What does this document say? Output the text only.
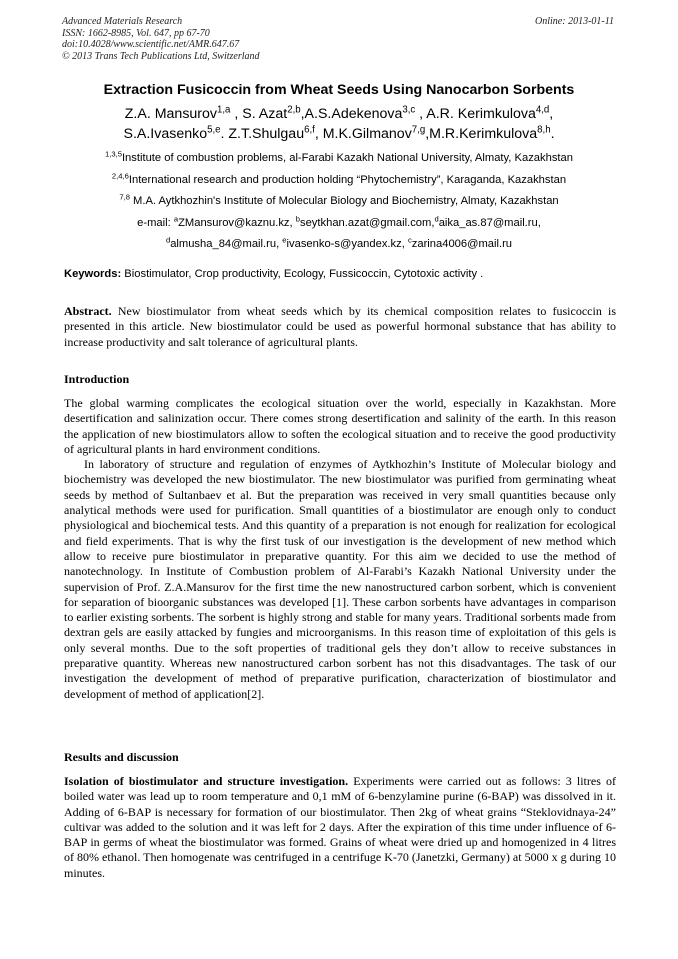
Advanced Materials Research
ISSN: 1662-8985, Vol. 647, pp 67-70
doi:10.4028/www.scientific.net/AMR.647.67
© 2013 Trans Tech Publications Ltd, Switzerland
Online: 2013-01-11
Extraction Fusicoccin from Wheat Seeds Using Nanocarbon Sorbents
Z.A. Mansurov$^{1,a}$ , S. Azat$^{2,b}$,A.S.Adekenova$^{3,c}$ , A.R. Kerimkulova$^{4,d}$,
S.A.Ivasenko$^{5,e}$. Z.T.Shulgau$^{6,f}$, M.K.Gilmanov$^{7,g}$,M.R.Kerimkulova$^{8,h}$.
$^{1,3,5}$Institute of combustion problems, al-Farabi Kazakh National University, Almaty, Kazakhstan
$^{2,4,6}$International research and production holding “Phytochemistry”, Karaganda, Kazakhstan
$^{7,8}$ M.A. Aytkhozhin's Institute of Molecular Biology and Biochemistry, Almaty, Kazakhstan
e-mail: $^a$ZMansurov@kaznu.kz, $^b$seytkhan.azat@gmail.com,$^d$aika_as.87@mail.ru,
$^d$almusha_84@mail.ru, $^e$ivasenko-s@yandex.kz, $^c$zarina4006@mail.ru
Keywords: Biostimulator, Crop productivity, Ecology, Fussicoccin, Cytotoxic activity .
Abstract. New biostimulator from wheat seeds which by its chemical composition relates to fusicoccin is presented in this article. New biostimulator could be used as powerful hormonal substance that has ability to increase productivity and salt tolerance of agricultural plants.
Introduction

The global warming complicates the ecological situation over the world, especially in Kazakhstan. More desertification and salinization occur. There comes strong desertification and salinity of the earth. In this reason the application of new biostimulators allow to soften the ecological situation and to receive the good productivity of agricultural plants in hard environment conditions.

In laboratory of structure and regulation of enzymes of Aytkhozhin’s Institute of Molecular biology and biochemistry was developed the new biostimulator. The new biostimulator was purified from germinating wheat seeds by method of Sultanbaev et al. But the preparation was received in very small quantities because only analytical methods were used for purification. Small quantities of a biostimulator are enough only to conduct physiological and biochemical tests. And this quantity of a preparation is not enough for realization for ecological and field experiments. That is why the first tusk of our investigation is the development of new method which allow to receive pure biostimulator in preparative quantity. For this aim we decided to use the method of nanotechnology. In Institute of Combustion problem of Al-Farabi’s Kazakh National University under the supervision of Prof. Z.A.Mansurov for the first time the new nanostructured carbon sorbent, which is convenient for separation of bioorganic substances was developed [1]. These carbon sorbents have advantages in comparison to earlier existing sorbents. The sorbent is highly strong and stable for many years. Traditional sorbents made from dextran gels are easily attacked by fungies and microorganisms. In this reason time of exploitation of this gels is only several months. Due to the soft properties of traditional gels they don’t allow to receive substances in preparative quantity. Whereas new nanostructured carbon sorbent has not this disadvantages. The task of our investigation the development of method of preparative purification, characterization of biostimulator and development of method of application[2].

Results and discussion

Isolation of biostimulator and structure investigation. Experiments were carried out as follows: 3 litres of boiled water was lead up to room temperature and 0,1 mM of 6-benzylamine purine (6-BAP) was dissolved in it. Adding of 6-BAP is necessary for formation of our biostimulator. Then 2kg of wheat grains “Steklovidnaya-24” cultivar was added to the solution and it was left for 2 days. After the expiration of this time under influence of 6-BAP in germs of wheat the biostimulator was formed. Grains of wheat were dried up and homogenized in 4 litres of 80% ethanol. Then homogenate was centrifuged in a centrifuge K-70 (Janetzki, Germany) at 5000 x g during 10 minutes.
